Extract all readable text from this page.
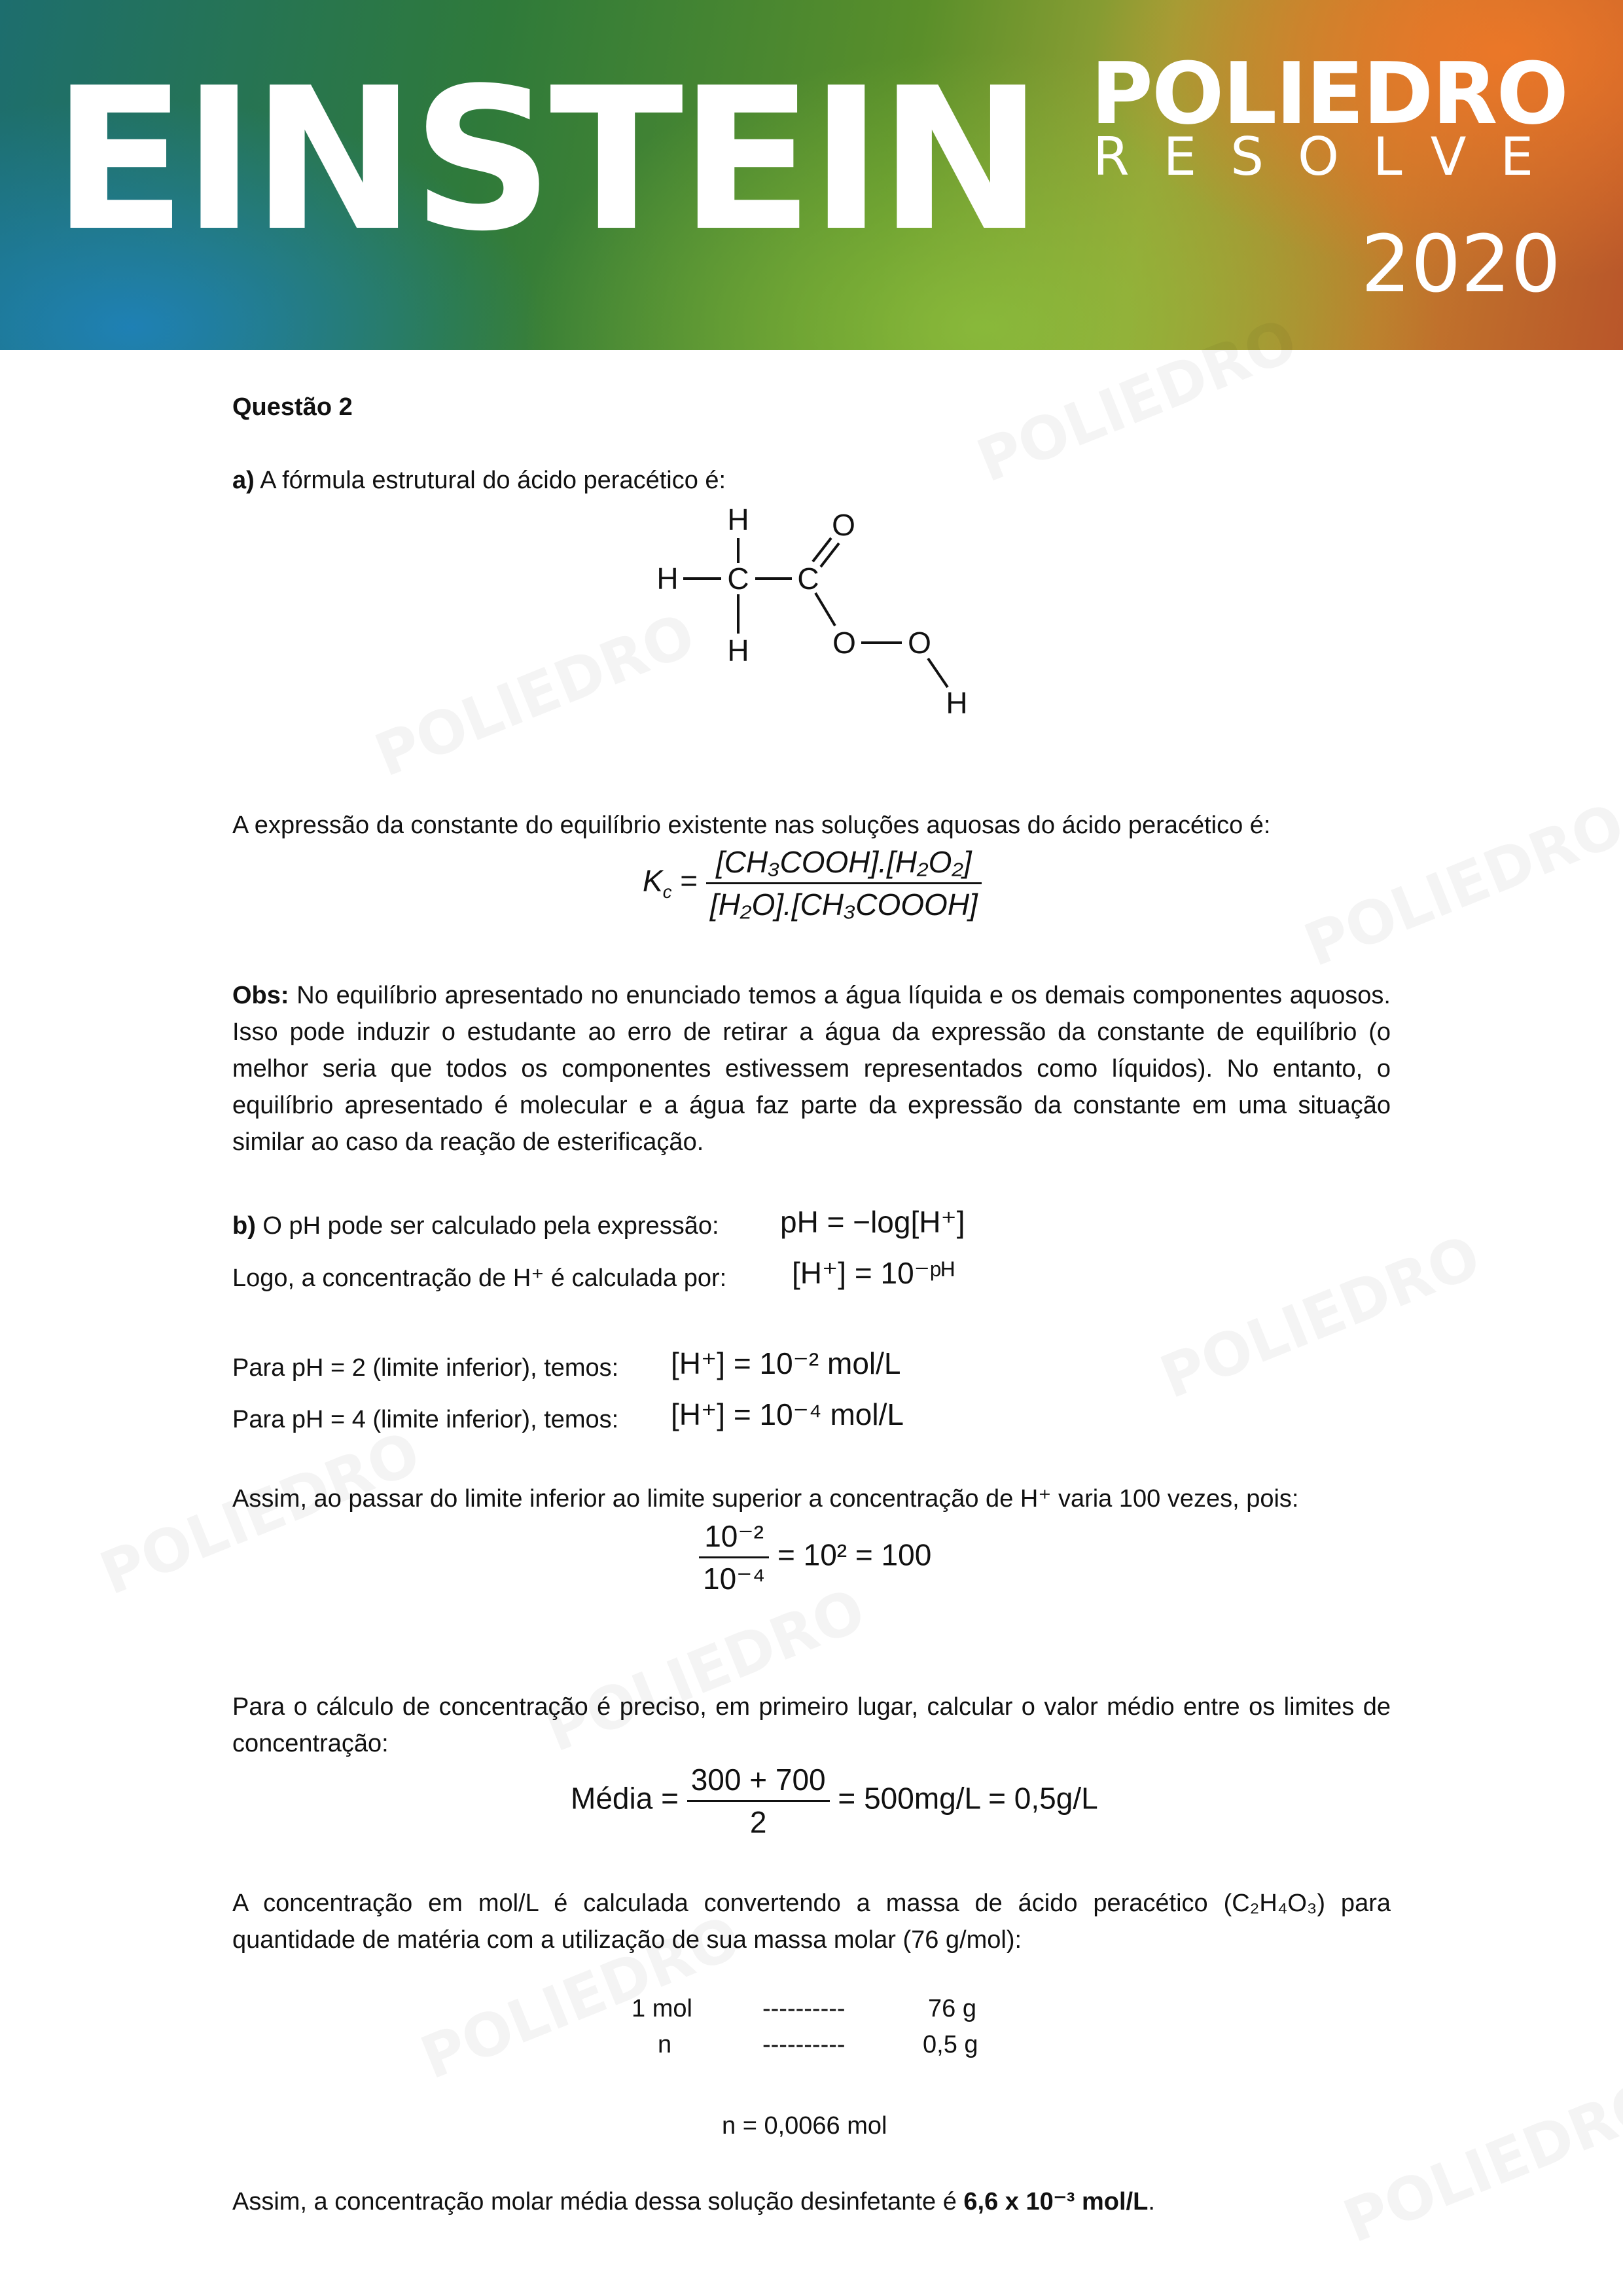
EINSTEIN POLIEDRO
RESOLVE
2020
Questão 2
a) A fórmula estrutural do ácido peracético é:
H
H C C
O
O O
H
H
A expressão da constante do equilíbrio existente nas soluções aquosas do ácido peracético é:
$K_c = \frac{\text{[CH₃COOH].[H₂O₂]}}{\text{[H₂O].[CH₃COOOH]}}$
Obs: No equilíbrio apresentado no enunciado temos a água líquida e os demais componentes aquosos. Isso pode induzir o estudante ao erro de retirar a água da expressão da constante de equilíbrio (o melhor seria que todos os componentes estivessem representados como líquidos). No entanto, o equilíbrio apresentado é molecular e a água faz parte da expressão da constante em uma situação similar ao caso da reação de esterificação.
b) O pH pode ser calculado pela expressão:	pH = −log[H⁺]
Logo, a concentração de H⁺ é calculada por:	[H⁺] = 10⁻ᵖᴴ
Para pH = 2 (limite inferior), temos:	[H⁺] = 10⁻² mol/L
Para pH = 4 (limite inferior), temos:	[H⁺] = 10⁻⁴ mol/L
Assim, ao passar do limite inferior ao limite superior a concentração de H⁺ varia 100 vezes, pois:
$\frac{\text{10⁻²}}{\text{10⁻⁴}} = 10^2 = 100$
Para o cálculo de concentração é preciso, em primeiro lugar, calcular o valor médio entre os limites de concentração:
Média = $\frac{300 + 700}{2} = 500mg/L = 0,5g/L$
A concentração em mol/L é calculada convertendo a massa de ácido peracético (C₂H₄O₃) para quantidade de matéria com a utilização de sua massa molar (76 g/mol):
1 mol	----------	76 g
n	----------	0,5 g
n = 0,0066 mol
Assim, a concentração molar média dessa solução desinfetante é 6,6 x 10⁻³ mol/L.
